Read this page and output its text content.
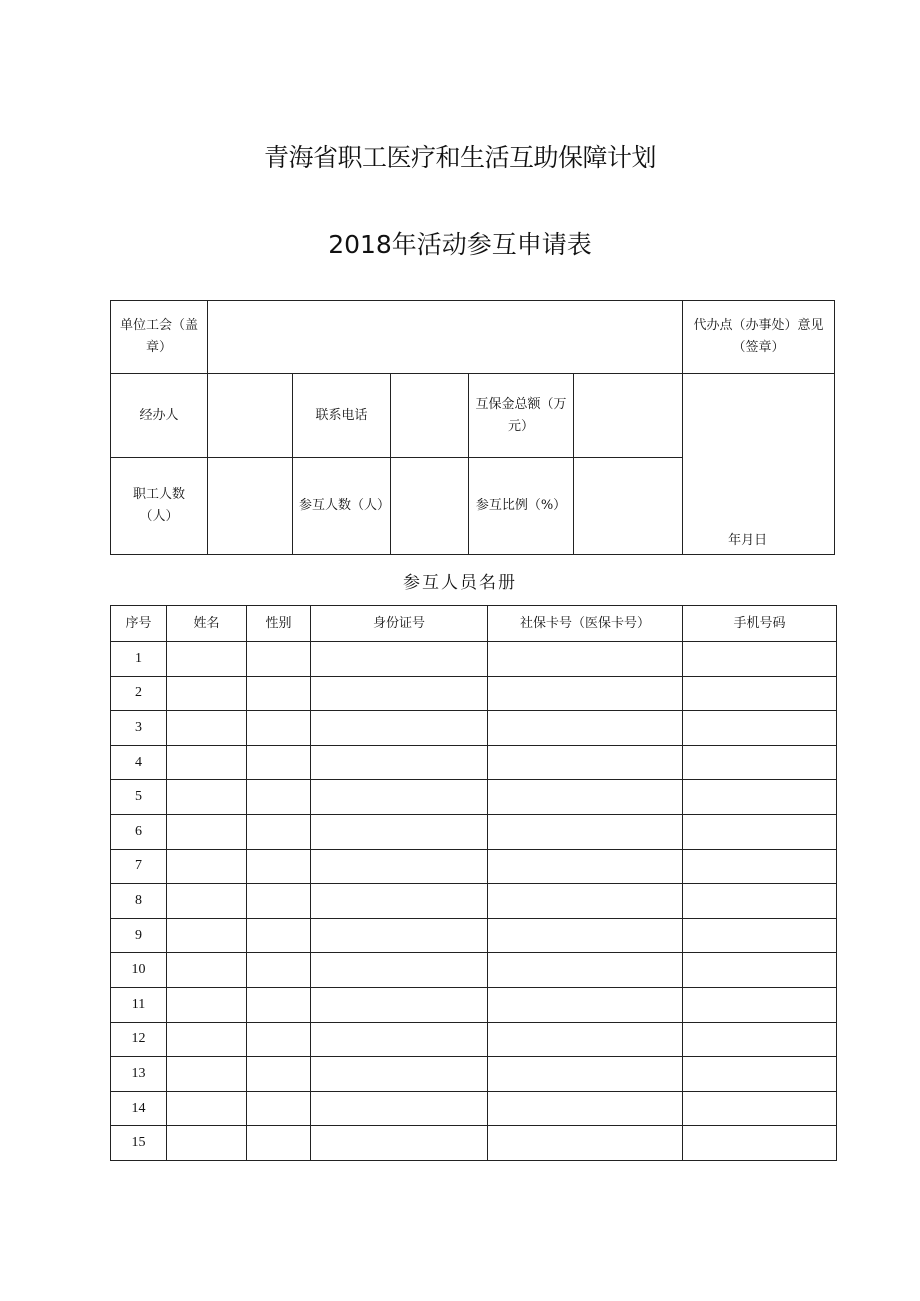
青海省职工医疗和生活互助保障计划
2018年活动参互申请表
单位工会（盖章）						代办点（办事处）意见（签章）
经办人		联系电话		互保金总额（万元）		年月日
职工人数（人）		参互人数（人）		参互比例（%）		
参互人员名册
序号	姓名	性别	身份证号	社保卡号（医保卡号）	手机号码
1					
2					
3					
4					
5					
6					
7					
8					
9					
10					
11					
12					
13					
14					
15					
